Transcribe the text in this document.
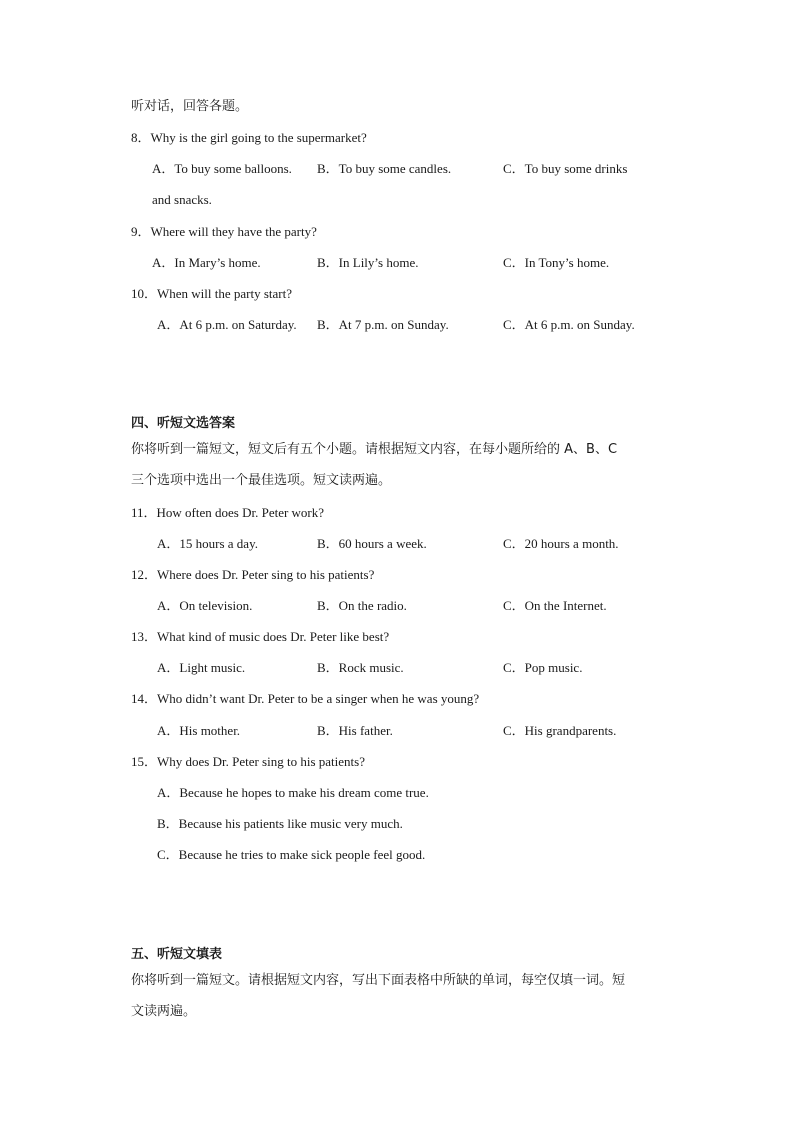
听对话，回答各题。
8．Why is the girl going to the supermarket?
A．To buy some balloons. B．To buy some candles.	C．To buy some drinks
and snacks.
9．Where will they have the party?
A．In Mary’s home.	B．In Lily’s home.	C．In Tony’s home.
10．When will the party start?
A．At 6 p.m. on Saturday. B．At 7 p.m. on Sunday.	C．At 6 p.m. on Sunday.
四、听短文选答案
你将听到一篇短文，短文后有五个小题。请根据短文内容，在每小题所给的 A、B、C
三个选项中选出一个最佳选项。短文读两遍。
11．How often does Dr. Peter work?
A．15 hours a day.	B．60 hours a week.	C．20 hours a month.
12．Where does Dr. Peter sing to his patients?
A．On television.	B．On the radio.	C．On the Internet.
13．What kind of music does Dr. Peter like best?
A．Light music.	B．Rock music.	C．Pop music.
14．Who didn’t want Dr. Peter to be a singer when he was young?
A．His mother.	B．His father.	C．His grandparents.
15．Why does Dr. Peter sing to his patients?
A．Because he hopes to make his dream come true.
B．Because his patients like music very much.
C．Because he tries to make sick people feel good.
五、听短文填表
你将听到一篇短文。请根据短文内容，写出下面表格中所缺的单词，每空仅填一词。短
文读两遍。
